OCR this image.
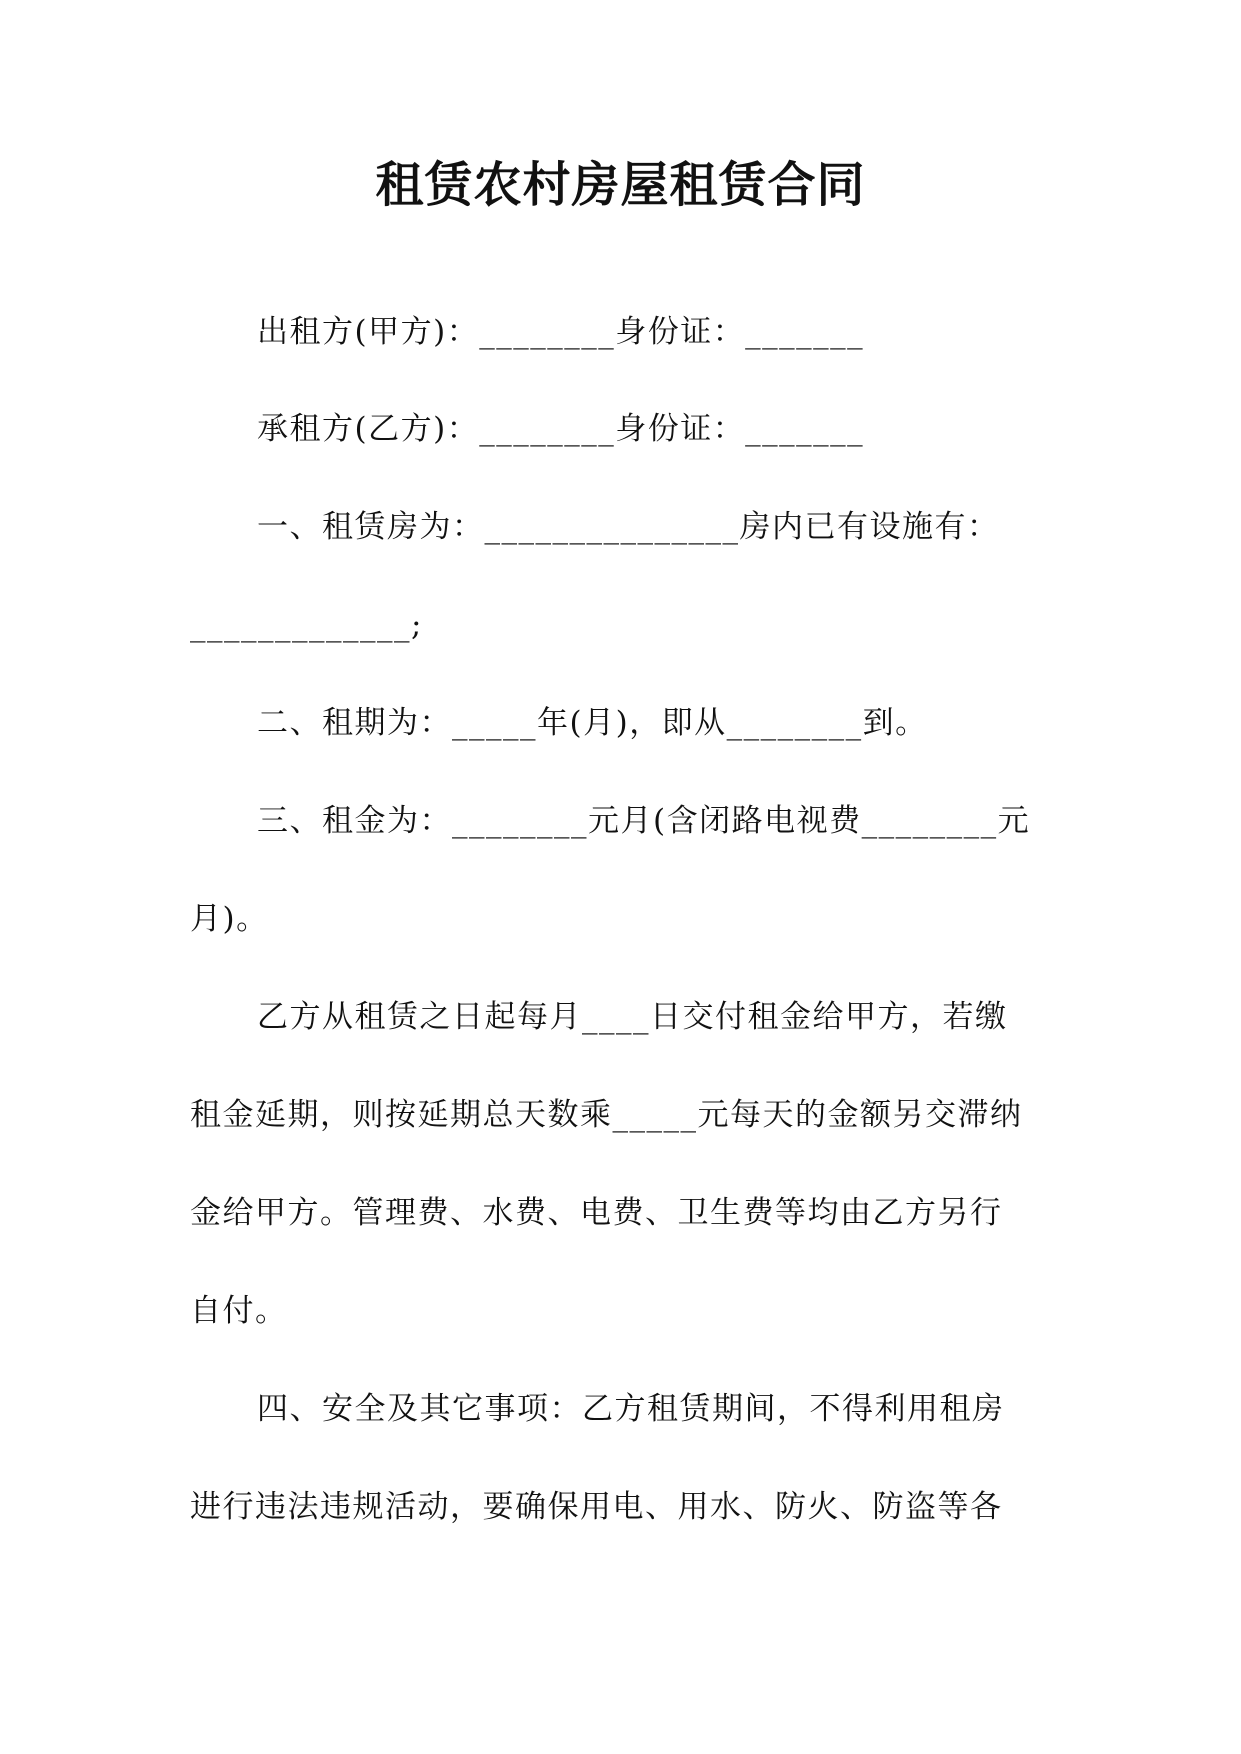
租赁农村房屋租赁合同
出租方(甲方)：________身份证：_______
承租方(乙方)：________身份证：_______
一、租赁房为：_______________房内已有设施有：
_____________;
二、租期为：_____年(月)，即从________到。
三、租金为：________元月(含闭路电视费________元
月)。
乙方从租赁之日起每月____日交付租金给甲方，若缴
租金延期，则按延期总天数乘_____元每天的金额另交滞纳
金给甲方。管理费、水费、电费、卫生费等均由乙方另行
自付。
四、安全及其它事项：乙方租赁期间，不得利用租房
进行违法违规活动，要确保用电、用水、防火、防盗等各
